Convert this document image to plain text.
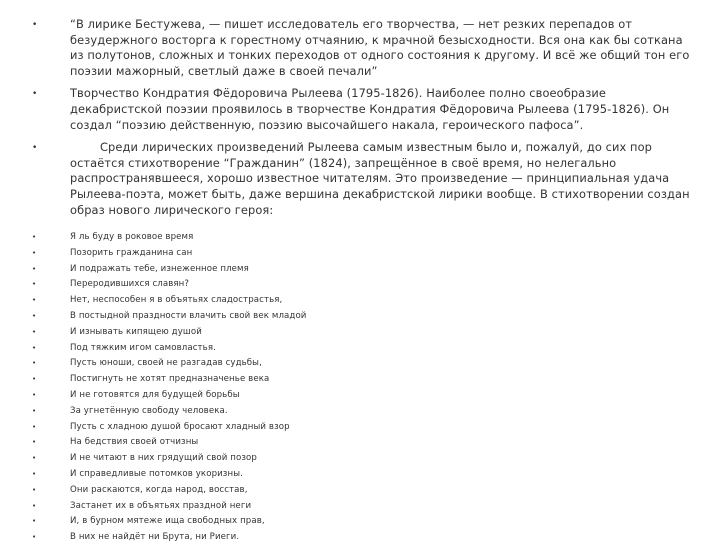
•	“В лирике Бестужева, — пишет исследователь его творчества, — нет резких перепадов от безудержного восторга к горестному отчаянию, к мрачной безысходности. Вся она как бы соткана из полутонов, сложных и тонких переходов от одного состояния к другому. И всё же общий тон его поэзии мажорный, светлый даже в своей печали”
•	Творчество Кондратия Фёдоровича Рылеева (1795-1826). Наиболее полно своеобразие декабристской поэзии проявилось в творчестве Кондратия Фёдоровича Рылеева (1795-1826). Он создал “поэзию действенную, поэзию высочайшего накала, героического пафоса”.
•	Среди лирических произведений Рылеева самым известным было и, пожалуй, до сих пор остаётся стихотворение “Гражданин” (1824), запрещённое в своё время, но нелегально распространявшееся, хорошо известное читателям. Это произведение — принципиальная удача Рылеева-поэта, может быть, даже вершина декабристской лирики вообще. В стихотворении создан образ нового лирического героя:
•	Я ль буду в роковое время
•	Позорить гражданина сан
•	И подражать тебе, изнеженное племя
•	Переродившихся славян?
•	Нет, неспособен я в объятьях сладострастья,
•	В постыдной праздности влачить свой век младой
•	И изнывать кипящею душой
•	Под тяжким игом самовластья.
•	Пусть юноши, своей не разгадав судьбы,
•	Постигнуть не хотят предназначенье века
•	И не готовятся для будущей борьбы
•	За угнетённую свободу человека.
•	Пусть с хладною душой бросают хладный взор
•	На бедствия своей отчизны
•	И не читают в них грядущий свой позор
•	И справедливые потомков укоризны.
•	Они раскаются, когда народ, восстав,
•	Застанет их в объятьях праздной неги
•	И, в бурном мятеже ища свободных прав,
•	В них не найдёт ни Брута, ни Риеги.
